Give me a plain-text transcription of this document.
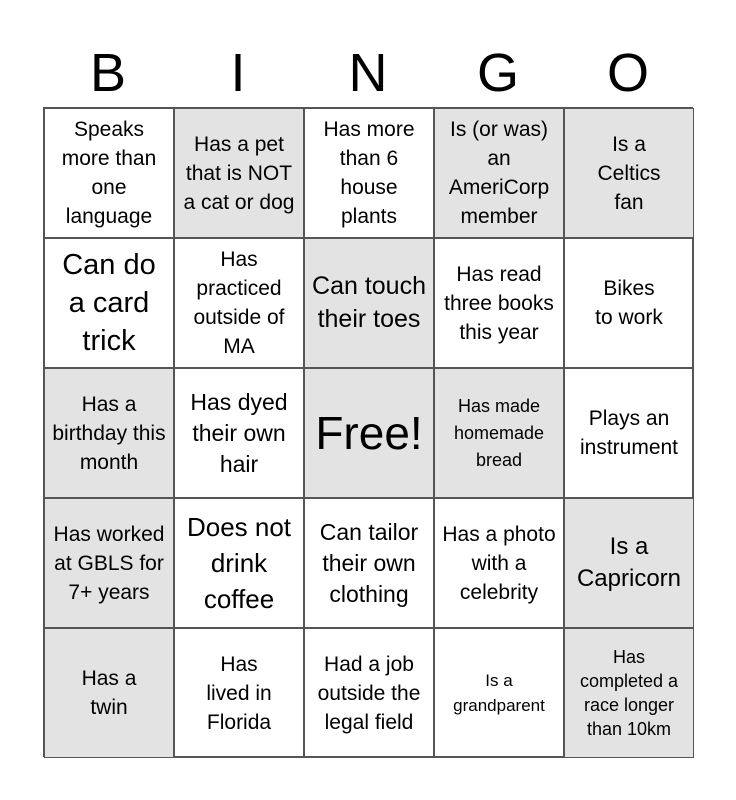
B	I	N	G	O
Speaks more than one language
Has a pet that is NOT a cat or dog
Has more than 6 house plants
Is (or was) an AmeriCorp member
Is a Celtics fan
Can do a card trick
Has practiced outside of MA
Can touch their toes
Has read three books this year
Bikes to work
Has a birthday this month
Has dyed their own hair
Free!
Has made homemade bread
Plays an instrument
Has worked at GBLS for 7+ years
Does not drink coffee
Can tailor their own clothing
Has a photo with a celebrity
Is a Capricorn
Has a twin
Has lived in Florida
Had a job outside the legal field
Is a grandparent
Has completed a race longer than 10km
